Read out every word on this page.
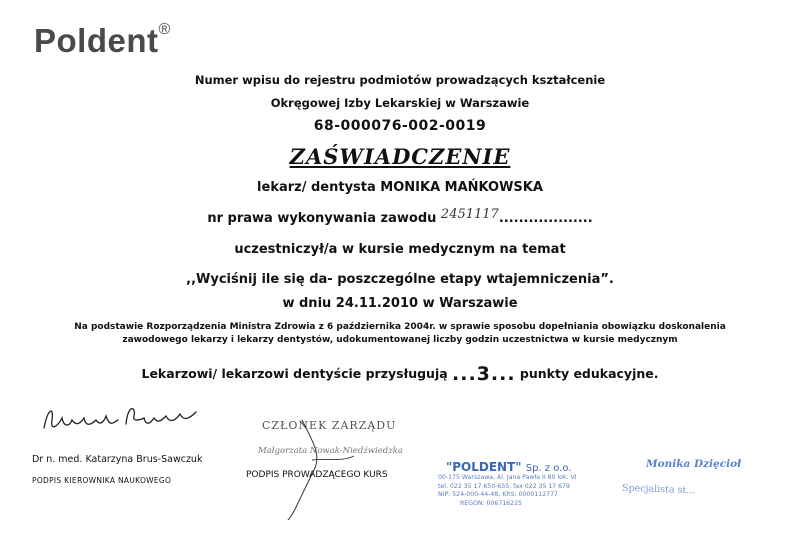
Poldent®
Numer wpisu do rejestru podmiotów prowadzących kształcenie
Okręgowej Izby Lekarskiej w Warszawie
68-000076-002-0019
ZAŚWIADCZENIE
lekarz/ dentysta MONIKA MAŃKOWSKA
nr prawa wykonywania zawodu 2451117...................
uczestniczył/a w kursie medycznym na temat
,,Wyciśnij ile się da- poszczególne etapy wtajemniczenia”.
w dniu 24.11.2010 w Warszawie
Na podstawie Rozporządzenia Ministra Zdrowia z 6 października 2004r. w sprawie sposobu dopełniania obowiązku doskonalenia zawodowego lekarzy i lekarzy dentystów, udokumentowanej liczby godzin uczestnictwa w kursie medycznym
Lekarzowi/ lekarzowi dentyście przysługują ...3... punkty edukacyjne.
Dr n. med. Katarzyna Brus-Sawczuk
PODPIS KIEROWNIKA NAUKOWEGO
CZŁONEK ZARZĄDU
Małgorzata Nowak-Niedźwiedzka
PODPIS PROWADZĄCEGO KURS
"POLDENT" Sp. z o.o.
00-175 Warszawa, Al. Jana Pawła II 80 lok. VI
tel. 022 35 17 650-655, fax 022 35 17 679
NIP: 524-000-44-48, KRS: 0000112777
REGON: 006716225
Monika Dzięcioł
Specjalista st...
